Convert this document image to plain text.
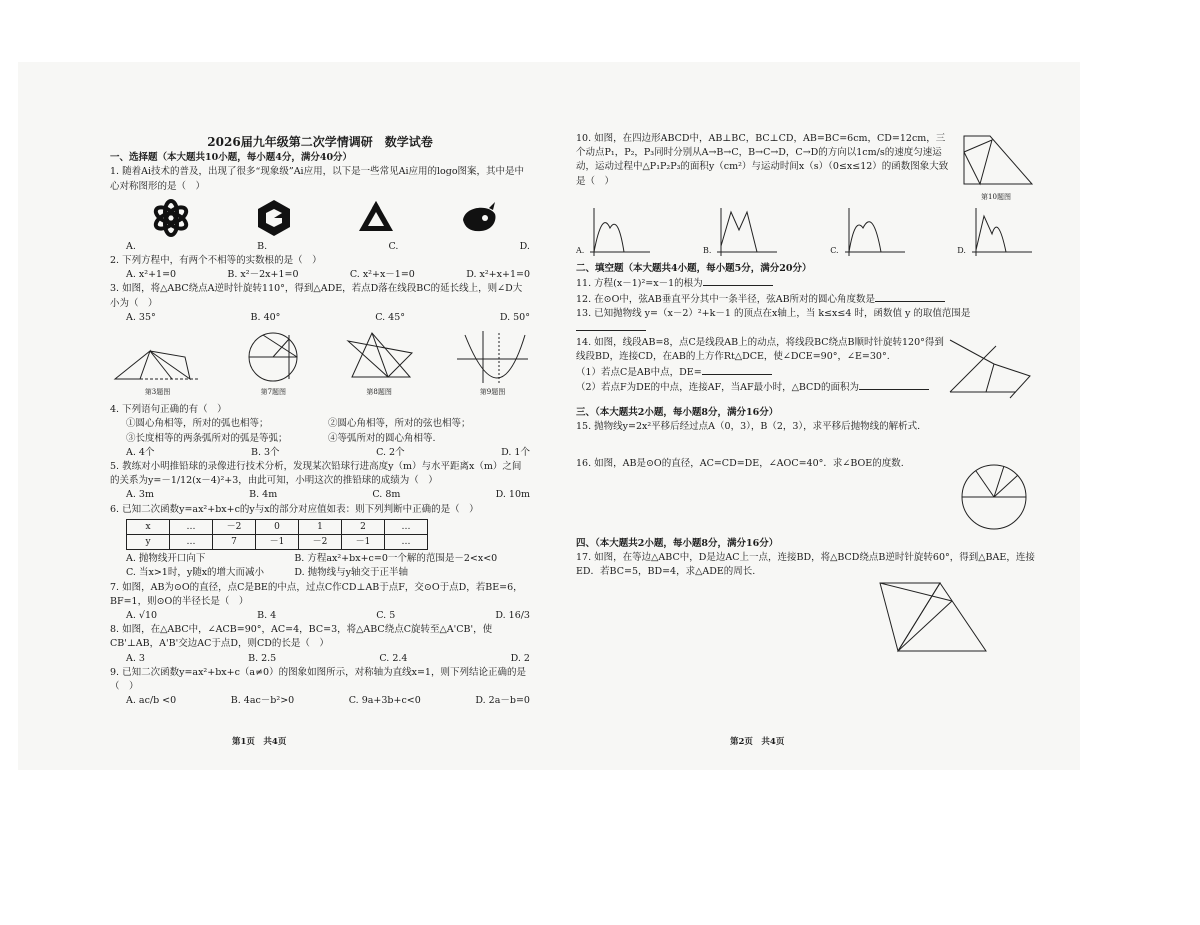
2026届九年级第二次学情调研　数学试卷
一、选择题（本大题共10小题，每小题4分，满分40分）

1. 随着Ai技术的普及，出现了很多“现象级”Ai应用，以下是一些常见Ai应用的logo图案，其中是中心对称图形的是（　）

A.	B.	C.	D.

2. 下列方程中，有两个不相等的实数根的是（　）

A. x²+1=0	B. x²－2x+1=0	C. x²+x－1=0	D. x²+x+1=0

3. 如图，将△ABC绕点A逆时针旋转110°，得到△ADE，若点D落在线段BC的延长线上，则∠D大小为（　）

A. 35°	B. 40°	C. 45°	D. 50°
第3题图	第7题图	第8题图	第9题图

4. 下列语句正确的有（　）

①圆心角相等，所对的弧也相等；	②圆心角相等，所对的弦也相等；
③长度相等的两条弧所对的弧是等弧；	④等弧所对的圆心角相等.
A. 4个	B. 3个	C. 2个	D. 1个

5. 教练对小明推铅球的录像进行技术分析，发现某次铅球行进高度y（m）与水平距离x（m）之间的关系为y=－1/12(x－4)²+3，由此可知，小明这次的推铅球的成绩为（　）

A. 3m	B. 4m	C. 8m	D. 10m

6. 已知二次函数y=ax²+bx+c的y与x的部分对应值如表：则下列判断中正确的是（　）

x	…	－2	0	1	2	…
y	…	7	－1	－2	－1	…
A. 抛物线开口向下	B. 方程ax²+bx+c=0一个解的范围是－2<x<0
C. 当x>1时，y随x的增大而减小	D. 抛物线与y轴交于正半轴

7. 如图，AB为⊙O的直径，点C是BE的中点，过点C作CD⊥AB于点F，交⊙O于点D，若BE=6，BF=1，则⊙O的半径长是（　）

A. √10	B. 4	C. 5	D. 16/3

8. 如图，在△ABC中，∠ACB=90°，AC=4，BC=3，将△ABC绕点C旋转至△A'CB'，使CB'⊥AB，A'B'交边AC于点D，则CD的长是（　）

A. 3	B. 2.5	C. 2.4	D. 2

9. 已知二次函数y=ax²+bx+c（a≠0）的图象如图所示，对称轴为直线x=1，则下列结论正确的是（　）

A. ac/b <0	B. 4ac－b²>0	C. 9a+3b+c<0	D. 2a－b=0
第1页　共4页

10. 如图，在四边形ABCD中，AB⊥BC，BC⊥CD，AB=BC=6cm，CD=12cm，三个动点P₁，P₂，P₃同时分别从A→B→C，B→C→D，C→D的方向以1cm/s的速度匀速运动，运动过程中△P₁P₂P₃的面积y（cm²）与运动时间x（s）（0≤x≤12）的函数图象大致是（　）

第10题图
A.	B.	C.	D.
二、填空题（本大题共4小题，每小题5分，满分20分）

11. 方程(x－1)²=x－1的根为

12. 在⊙O中，弦AB垂直平分其中一条半径，弦AB所对的圆心角度数是

13. 已知抛物线 y=（x－2）²+k－1 的顶点在x轴上，当 k≤x≤4 时，函数值 y 的取值范围是

14. 如图，线段AB=8，点C是线段AB上的动点，将线段BC绕点B顺时针旋转120°得到线段BD，连接CD，在AB的上方作Rt△DCE，使∠DCE=90°，∠E=30°.

（1）若点C是AB中点，DE=

（2）若点F为DE的中点，连接AF，当AF最小时，△BCD的面积为

三、（本大题共2小题，每小题8分，满分16分）

15. 抛物线y=2x²平移后经过点A（0，3），B（2，3），求平移后抛物线的解析式.

16. 如图，AB是⊙O的直径，AC=CD=DE，∠AOC=40°．求∠BOE的度数.

四、（本大题共2小题，每小题8分，满分16分）

17. 如图，在等边△ABC中，D是边AC上一点，连接BD，将△BCD绕点B逆时针旋转60°，得到△BAE，连接ED．若BC=5，BD=4，求△ADE的周长.

第2页　共4页
